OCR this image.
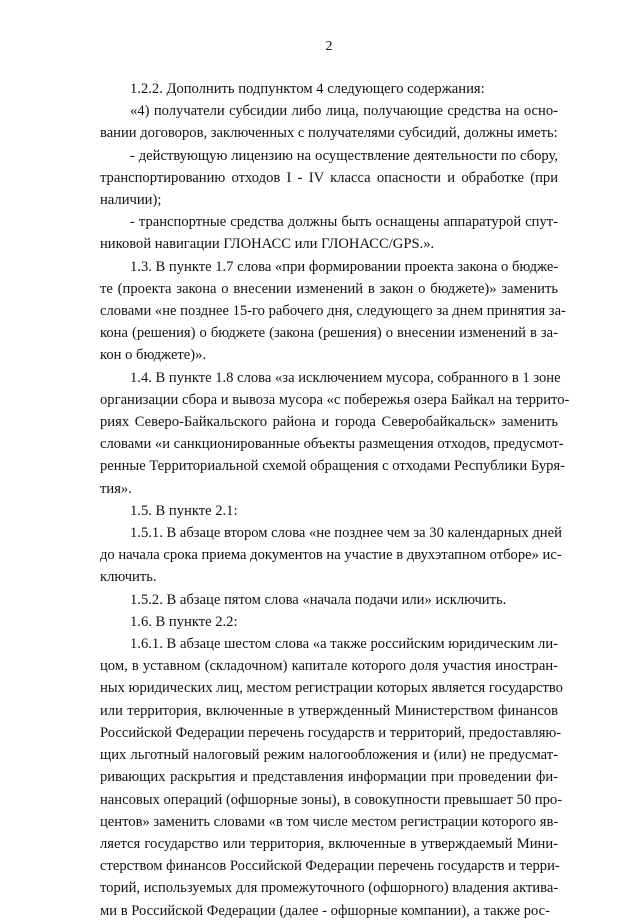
2

1.2.2. Дополнить подпунктом 4 следующего содержания:

«4) получатели субсидии либо лица, получающие средства на осно-
вании договоров, заключенных с получателями субсидий, должны иметь:

- действующую лицензию на осуществление деятельности по сбору,
транспортированию отходов I - IV класса опасности и обработке (при
наличии);

- транспортные средства должны быть оснащены аппаратурой спут-
никовой навигации ГЛОНАСС или ГЛОНАСС/GPS.».

1.3. В пункте 1.7 слова «при формировании проекта закона о бюдже-
те (проекта закона о внесении изменений в закон о бюджете)» заменить
словами «не позднее 15-го рабочего дня, следующего за днем принятия за-
кона (решения) о бюджете (закона (решения) о внесении изменений в за-
кон о бюджете)».

1.4. В пункте 1.8 слова «за исключением мусора, собранного в 1 зоне
организации сбора и вывоза мусора «с побережья озера Байкал на террито-
риях Северо-Байкальского района и города Северобайкальск» заменить
словами «и санкционированные объекты размещения отходов, предусмот-
ренные Территориальной схемой обращения с отходами Республики Буря-
тия».

1.5. В пункте 2.1:

1.5.1. В абзаце втором слова «не позднее чем за 30 календарных дней
до начала срока приема документов на участие в двухэтапном отборе» ис-
ключить.

1.5.2. В абзаце пятом слова «начала подачи или» исключить.

1.6. В пункте 2.2:

1.6.1. В абзаце шестом слова «а также российским юридическим ли-
цом, в уставном (складочном) капитале которого доля участия иностран-
ных юридических лиц, местом регистрации которых является государство
или территория, включенные в утвержденный Министерством финансов
Российской Федерации перечень государств и территорий, предоставляю-
щих льготный налоговый режим налогообложения и (или) не предусмат-
ривающих раскрытия и представления информации при проведении фи-
нансовых операций (офшорные зоны), в совокупности превышает 50 про-
центов» заменить словами «в том числе местом регистрации которого яв-
ляется государство или территория, включенные в утверждаемый Мини-
стерством финансов Российской Федерации перечень государств и терри-
торий, используемых для промежуточного (офшорного) владения актива-
ми в Российской Федерации (далее - офшорные компании), а также рос-
